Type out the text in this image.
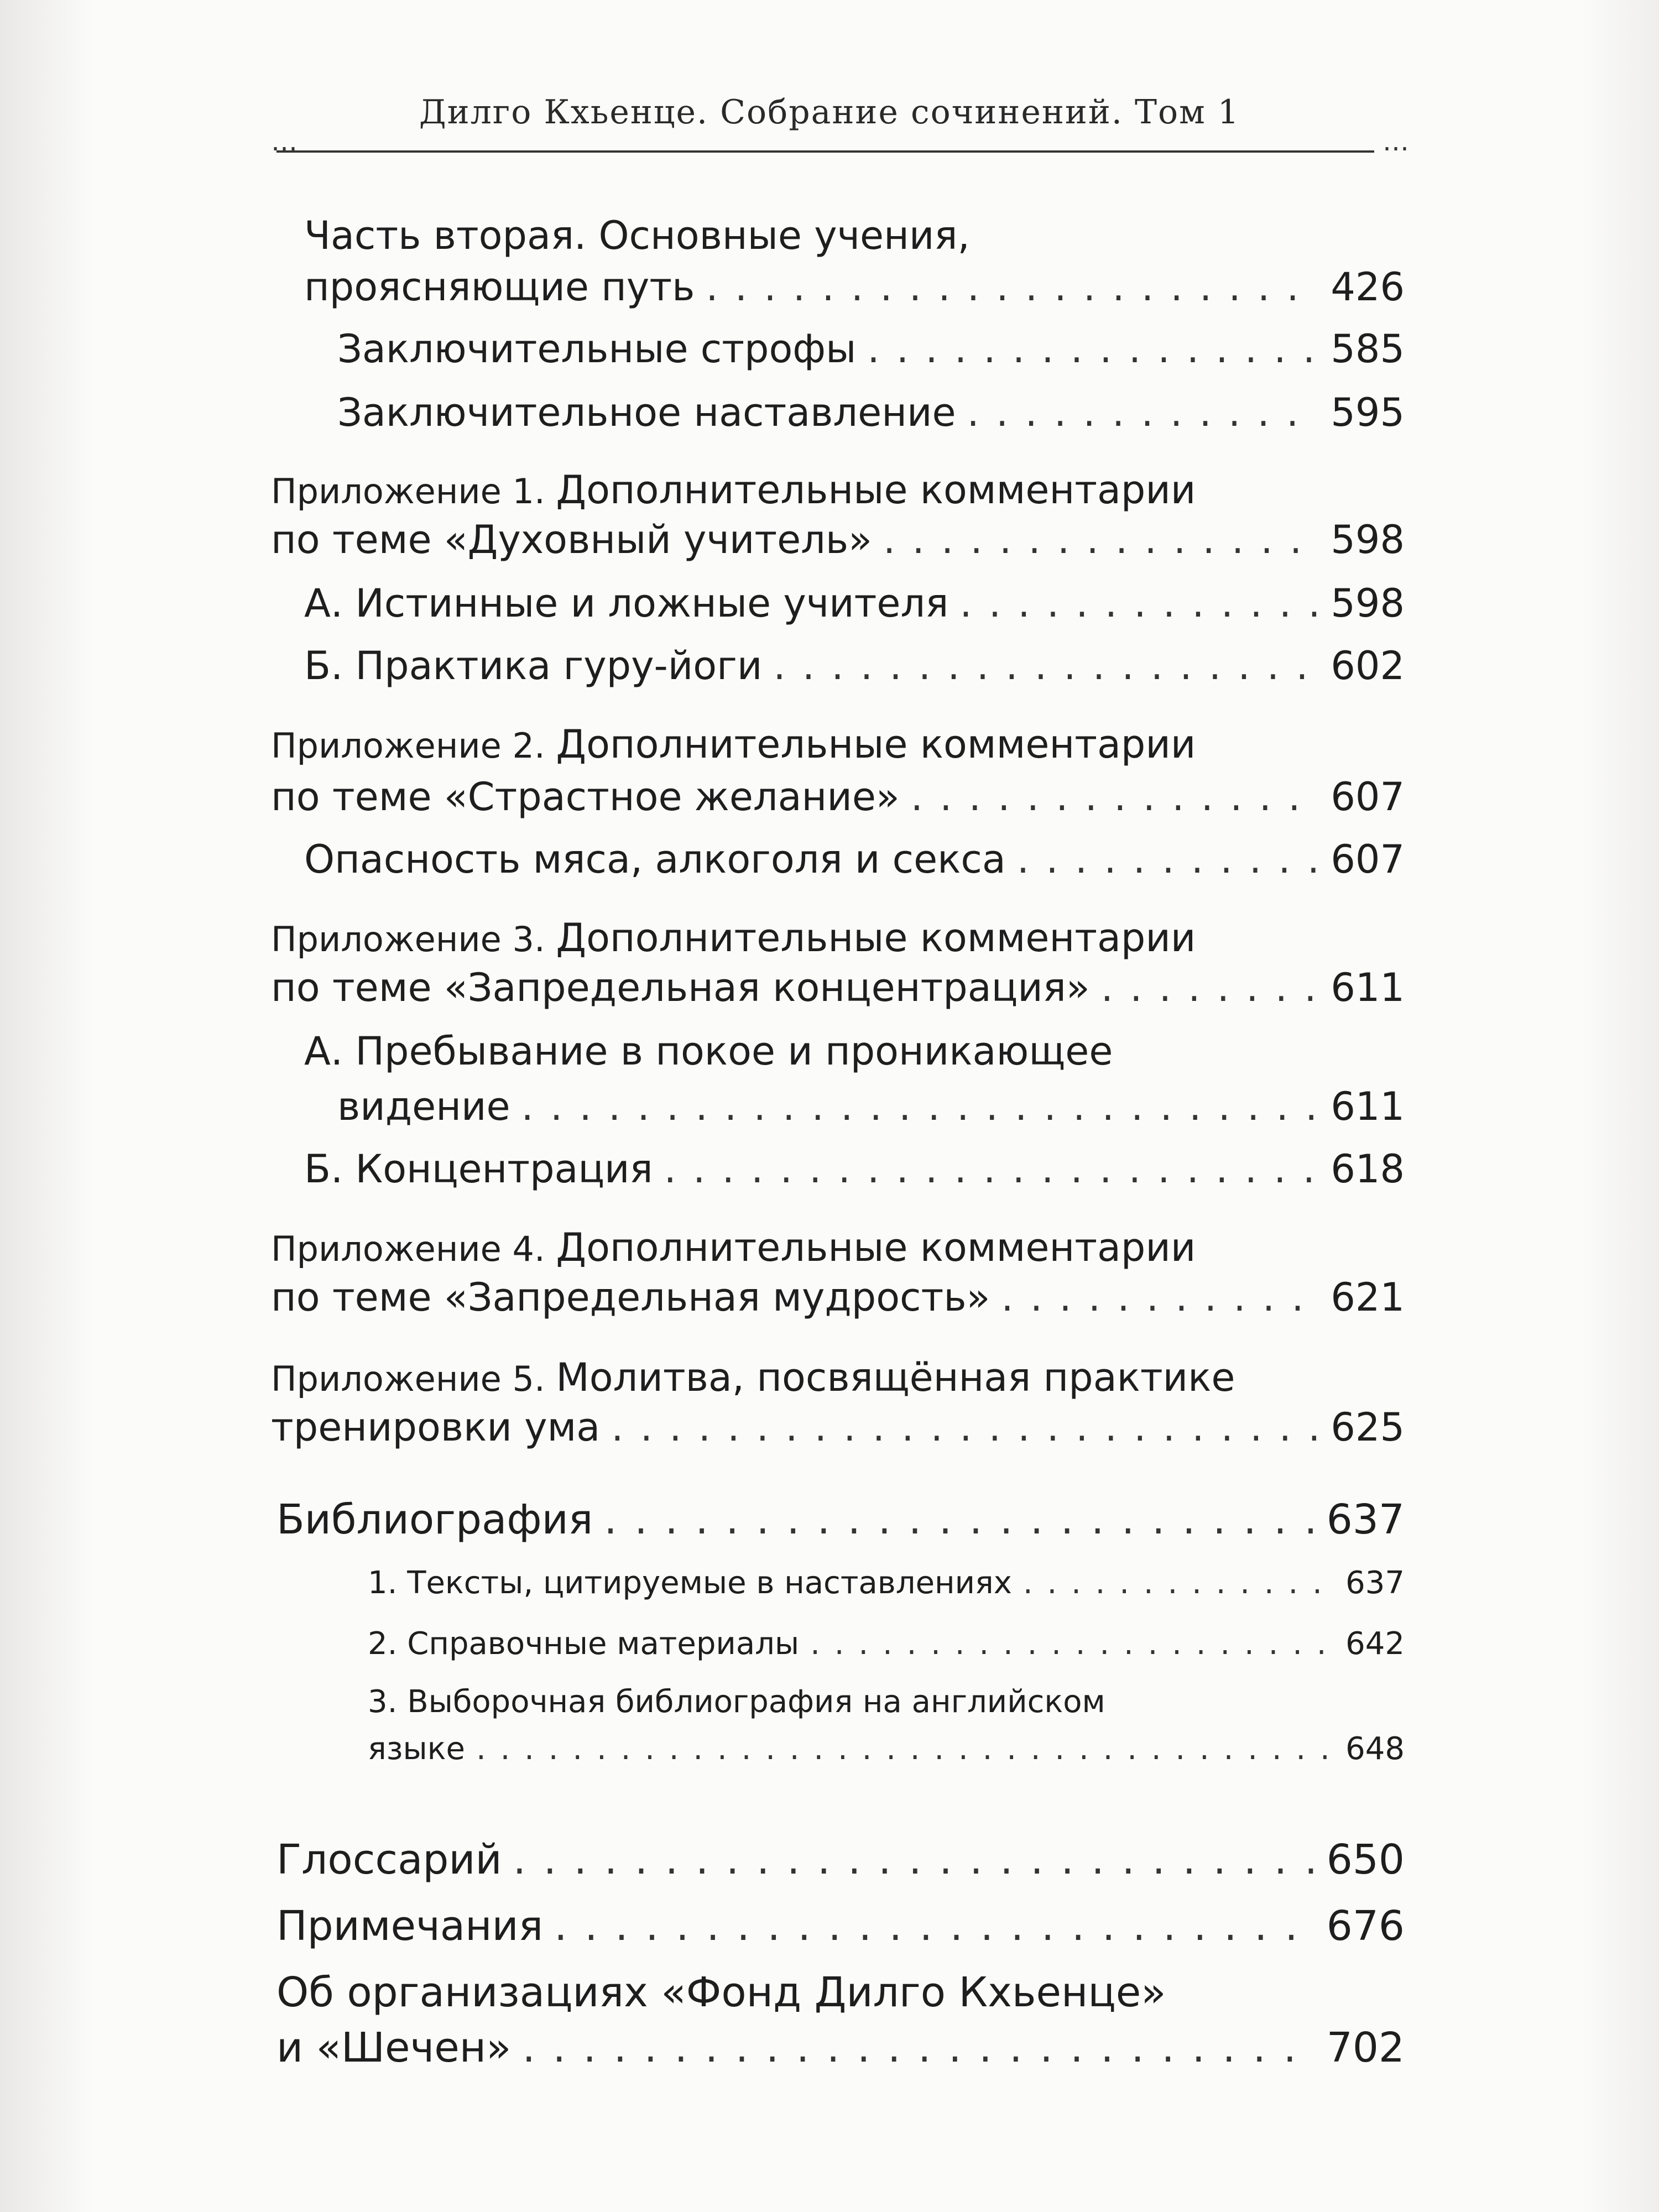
Дилго Кхьенце. Собрание сочинений. Том 1
…	…
Часть вторая. Основные учения,
проясняющие путь . . .	426
Заключительные строфы . . .	585
Заключительное наставление . . .	595
Приложение 1. Дополнительные комментарии
по теме «Духовный учитель» . . .	598
А. Истинные и ложные учителя . . .	598
Б. Практика гуру-йоги . . .	602
Приложение 2. Дополнительные комментарии
по теме «Страстное желание» . . .	607
Опасность мяса, алкоголя и секса . . .	607
Приложение 3. Дополнительные комментарии
по теме «Запредельная концентрация» . . .	611
А. Пребывание в покое и проникающее
видение . . .	611
Б. Концентрация . . .	618
Приложение 4. Дополнительные комментарии
по теме «Запредельная мудрость» . . .	621
Приложение 5. Молитва, посвящённая практике
тренировки ума . . .	625
Библиография . . .	637
1. Тексты, цитируемые в наставлениях . . .	637
2. Справочные материалы . . .	642
3. Выборочная библиография на английском
языке . . .	648
Глоссарий . . .	650
Примечания . . .	676
Об организациях «Фонд Дилго Кхьенце»
и «Шечен» . . .	702
